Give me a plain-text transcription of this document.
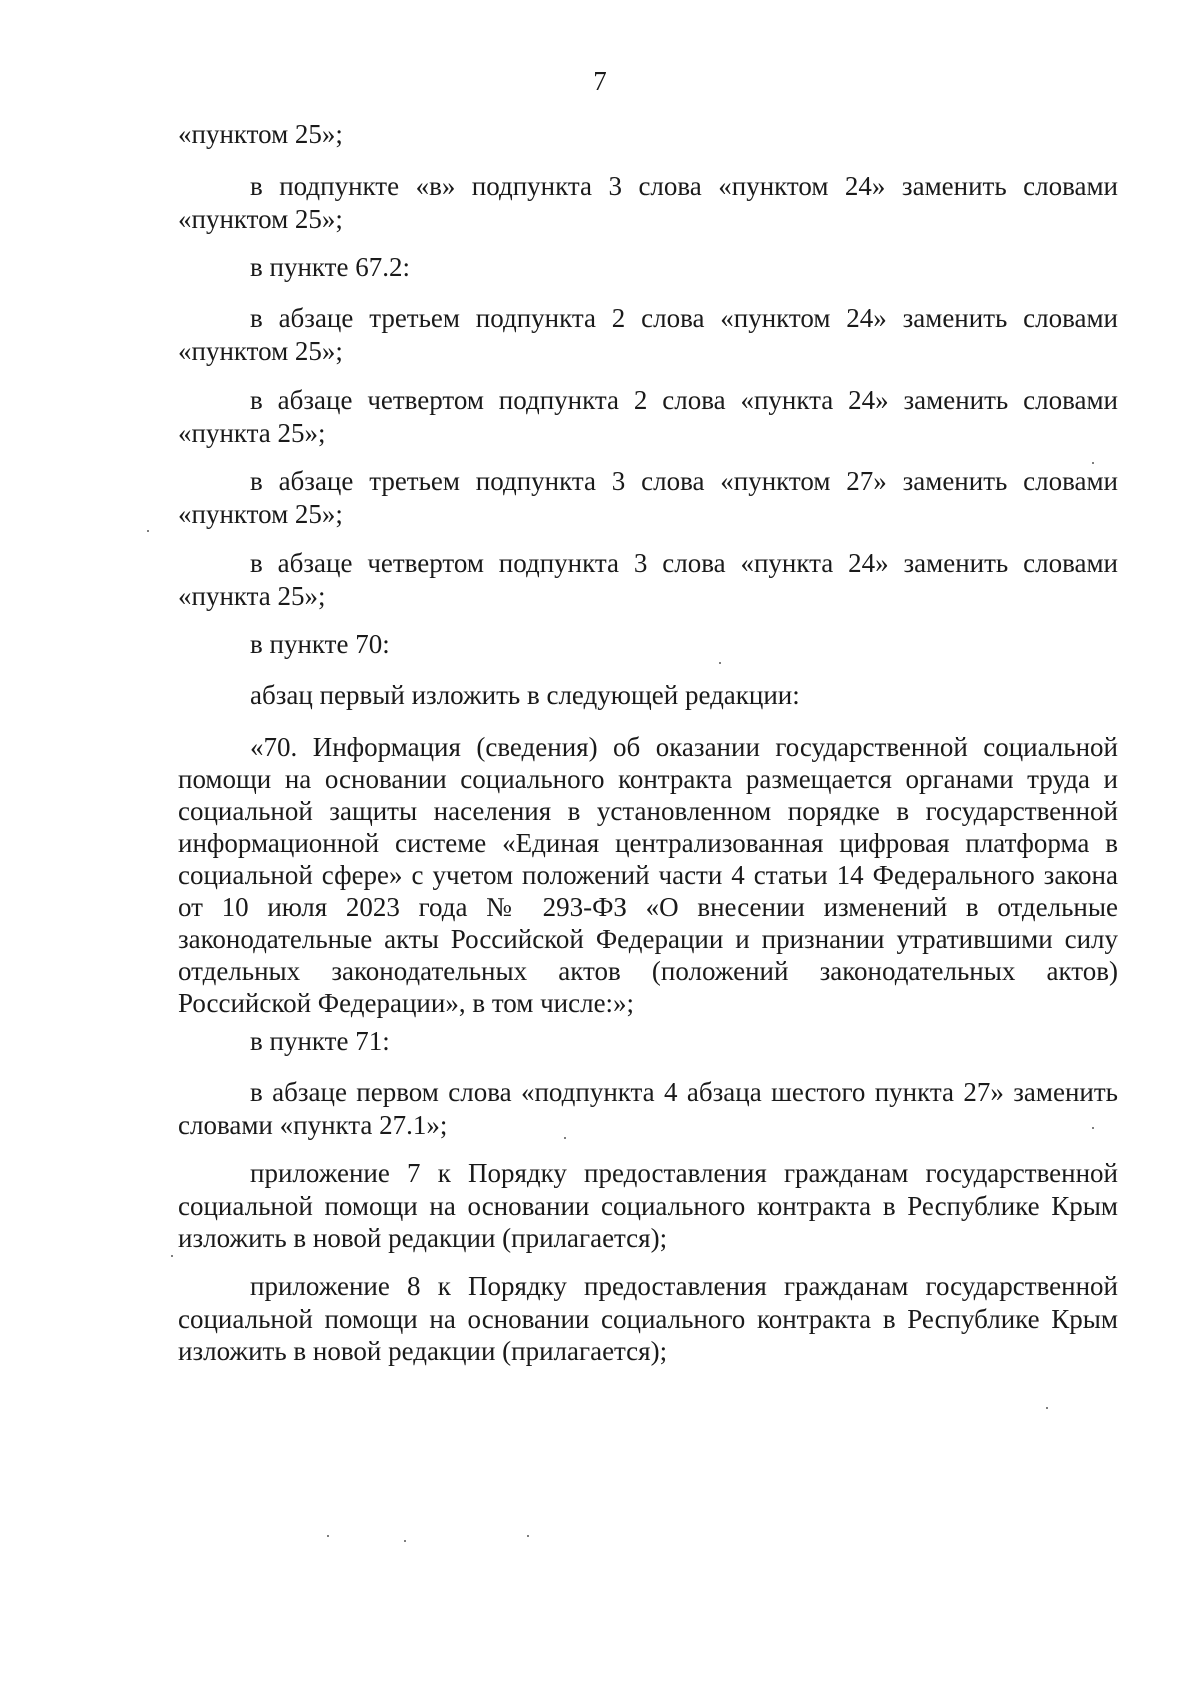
7

«пунктом 25»;

в подпункте «в» подпункта 3 слова «пунктом 24» заменить словами «пунктом 25»;

в пункте 67.2:

в абзаце третьем подпункта 2 слова «пунктом 24» заменить словами «пунктом 25»;

в абзаце четвертом подпункта 2 слова «пункта 24» заменить словами «пункта 25»;

в абзаце третьем подпункта 3 слова «пунктом 27» заменить словами «пунктом 25»;

в абзаце четвертом подпункта 3 слова «пункта 24» заменить словами «пункта 25»;

в пункте 70:

абзац первый изложить в следующей редакции:

«70. Информация (сведения) об оказании государственной социальной помощи на основании социального контракта размещается органами труда и социальной защиты населения в установленном порядке в государственной информационной системе «Единая централизованная цифровая платформа в социальной сфере» с учетом положений части 4 статьи 14 Федерального закона от 10 июля 2023 года № 293-ФЗ «О внесении изменений в отдельные законодательные акты Российской Федерации и признании утратившими силу отдельных законодательных актов (положений законодательных актов) Российской Федерации», в том числе:»;

в пункте 71:

в абзаце первом слова «подпункта 4 абзаца шестого пункта 27» заменить словами «пункта 27.1»;

приложение 7 к Порядку предоставления гражданам государственной социальной помощи на основании социального контракта в Республике Крым изложить в новой редакции (прилагается);

приложение 8 к Порядку предоставления гражданам государственной социальной помощи на основании социального контракта в Республике Крым изложить в новой редакции (прилагается);
